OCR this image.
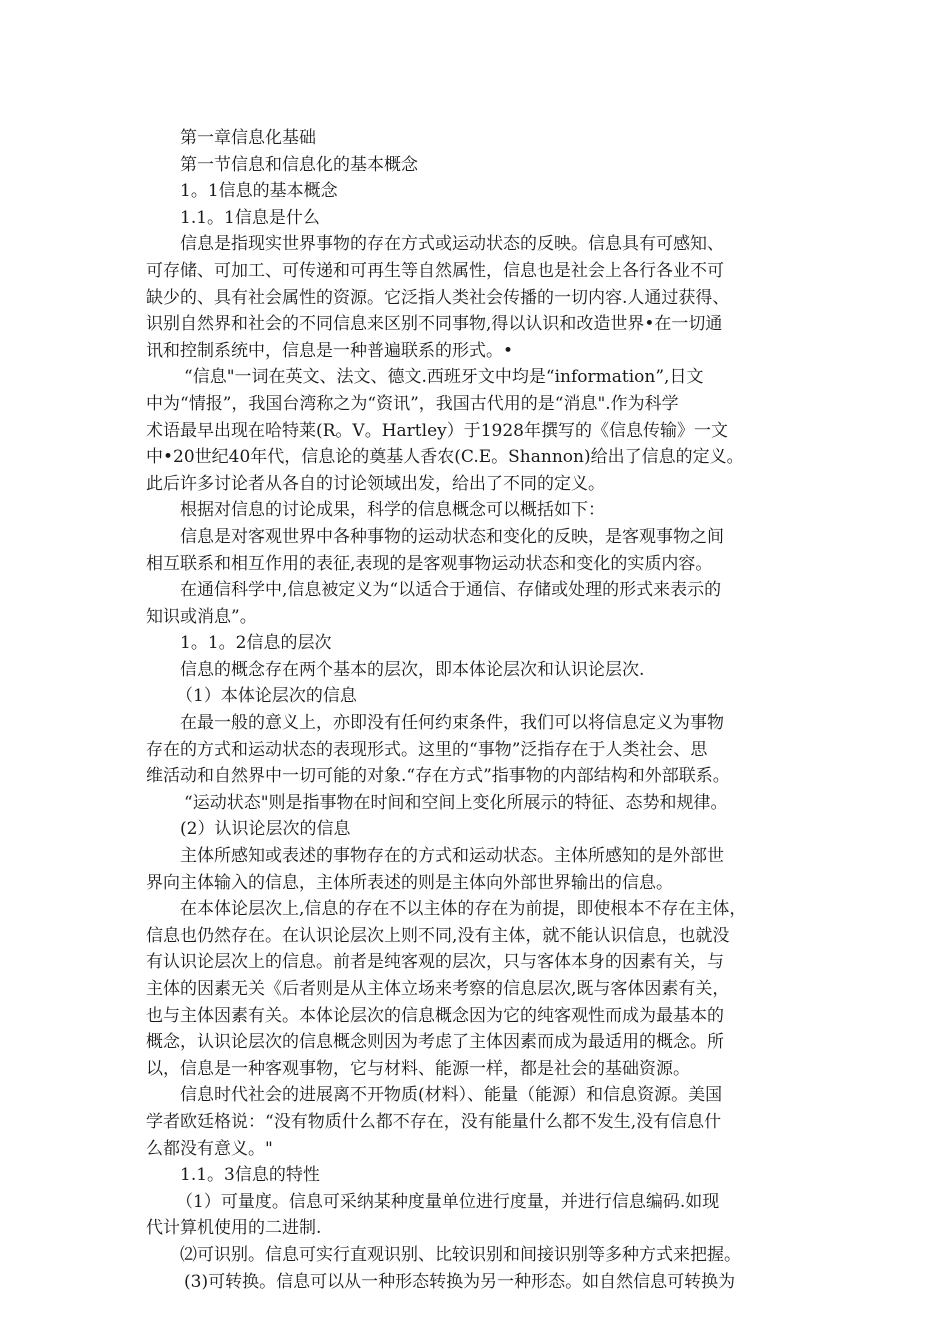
第一章信息化基础

第一节信息和信息化的基本概念

1。1信息的基本概念

1.1。1信息是什么

信息是指现实世界事物的存在方式或运动状态的反映。信息具有可感知、

可存储、可加工、可传递和可再生等自然属性，信息也是社会上各行各业不可

缺少的、具有社会属性的资源。它泛指人类社会传播的一切内容.人通过获得、

识别自然界和社会的不同信息来区别不同事物,得以认识和改造世界•在一切通

讯和控制系统中，信息是一种普遍联系的形式。•

“信息"一词在英文、法文、德文.西班牙文中均是“information”,日文

中为“情报”，我国台湾称之为“资讯”，我国古代用的是“消息".作为科学

术语最早出现在哈特莱(R。V。Hartley）于1928年撰写的《信息传输》一文

中•20世纪40年代，信息论的奠基人香农(C.E。Shannon)给出了信息的定义。

此后许多讨论者从各自的讨论领域出发，给出了不同的定义。

根据对信息的讨论成果，科学的信息概念可以概括如下：

信息是对客观世界中各种事物的运动状态和变化的反映，是客观事物之间

相互联系和相互作用的表征,表现的是客观事物运动状态和变化的实质内容。

在通信科学中,信息被定义为“以适合于通信、存储或处理的形式来表示的

知识或消息”。

1。1。2信息的层次

信息的概念存在两个基本的层次，即本体论层次和认识论层次.

（1）本体论层次的信息

在最一般的意义上，亦即没有任何约束条件，我们可以将信息定义为事物

存在的方式和运动状态的表现形式。这里的“事物”泛指存在于人类社会、思

维活动和自然界中一切可能的对象.“存在方式”指事物的内部结构和外部联系。

“运动状态"则是指事物在时间和空间上变化所展示的特征、态势和规律。

(2）认识论层次的信息

主体所感知或表述的事物存在的方式和运动状态。主体所感知的是外部世

界向主体输入的信息，主体所表述的则是主体向外部世界输出的信息。

在本体论层次上,信息的存在不以主体的存在为前提，即使根本不存在主体，

信息也仍然存在。在认识论层次上则不同,没有主体，就不能认识信息，也就没

有认识论层次上的信息。前者是纯客观的层次，只与客体本身的因素有关，与

主体的因素无关《后者则是从主体立场来考察的信息层次,既与客体因素有关，

也与主体因素有关。本体论层次的信息概念因为它的纯客观性而成为最基本的

概念，认识论层次的信息概念则因为考虑了主体因素而成为最适用的概念。所

以，信息是一种客观事物，它与材料、能源一样，都是社会的基础资源。

信息时代社会的进展离不开物质(材料）、能量（能源）和信息资源。美国

学者欧廷格说：“没有物质什么都不存在，没有能量什么都不发生,没有信息什

么都没有意义。"

1.1。3信息的特性

（1）可量度。信息可采纳某种度量单位进行度量，并进行信息编码.如现

代计算机使用的二进制.

⑵可识别。信息可实行直观识别、比较识别和间接识别等多种方式来把握。

(3)可转换。信息可以从一种形态转换为另一种形态。如自然信息可转换为
